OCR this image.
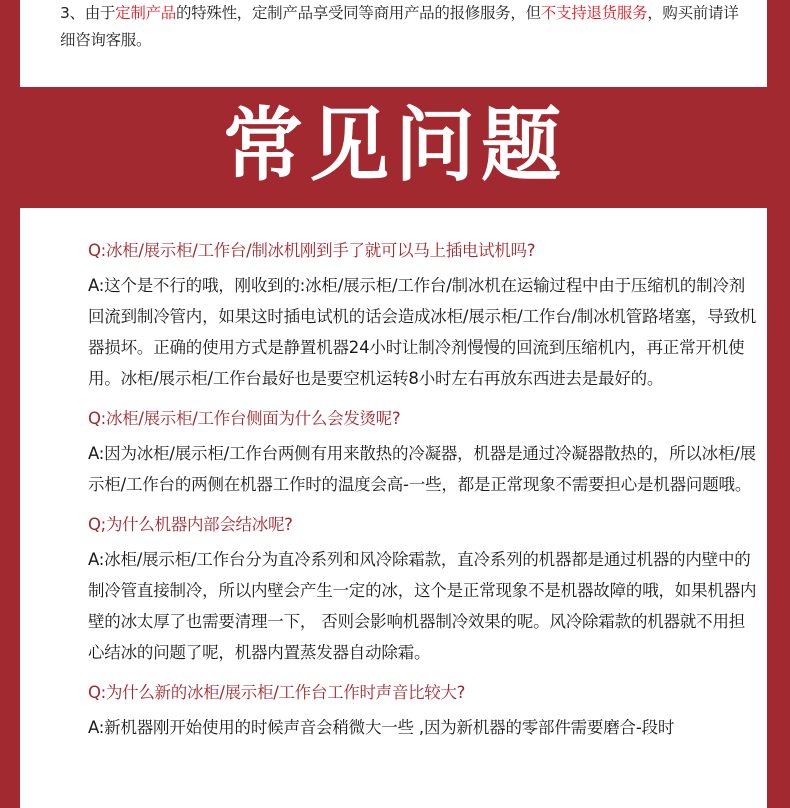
3、由于定制产品的特殊性，定制产品享受同等商用产品的报修服务，但不支持退货服务，购买前请详细咨询客服。
常见问题

Q:冰柜/展示柜/工作台/制冰机刚到手了就可以马上插电试机吗?

A:这个是不行的哦，刚收到的:冰柜/展示柜/工作台/制冰机在运输过程中由于压缩机的制冷剂回流到制冷管内，如果这时插电试机的话会造成冰柜/展示柜/工作台/制冰机管路堵塞，导致机器损坏。正确的使用方式是静置机器24小时让制冷剂慢慢的回流到压缩机内，再正常开机使用。冰柜/展示柜/工作台最好也是要空机运转8小时左右再放东西进去是最好的。

Q:冰柜/展示柜/工作台侧面为什么会发烫呢?

A:因为冰柜/展示柜/工作台两侧有用来散热的冷凝器，机器是通过冷凝器散热的，所以冰柜/展示柜/工作台的两侧在机器工作时的温度会高-一些，都是正常现象不需要担心是机器问题哦。

Q;为什么机器内部会结冰呢?

A:冰柜/展示柜/工作台分为直冷系列和风冷除霜款，直冷系列的机器都是通过机器的内壁中的制冷管直接制冷，所以内壁会产生一定的冰，这个是正常现象不是机器故障的哦，如果机器内壁的冰太厚了也需要清理一下， 否则会影响机器制冷效果的呢。风冷除霜款的机器就不用担心结冰的问题了呢，机器内置蒸发器自动除霜。

Q:为什么新的冰柜/展示柜/工作台工作时声音比较大?

A:新机器刚开始使用的时候声音会稍微大一些 ,因为新机器的零部件需要磨合-段时
